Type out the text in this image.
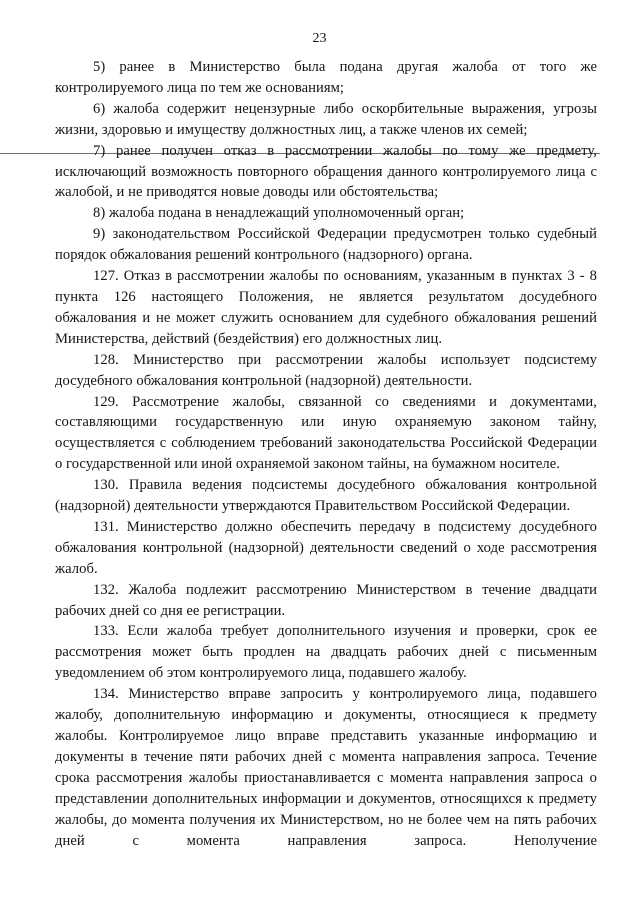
23

5) ранее в Министерство была подана другая жалоба от того же контролируемого лица по тем же основаниям;

6) жалоба содержит нецензурные либо оскорбительные выражения, угрозы жизни, здоровью и имуществу должностных лиц, а также членов их семей;

7) ранее получен отказ в рассмотрении жалобы по тому же предмету, исключающий возможность повторного обращения данного контролируемого лица с жалобой, и не приводятся новые доводы или обстоятельства;

8) жалоба подана в ненадлежащий уполномоченный орган;

9) законодательством Российской Федерации предусмотрен только судебный порядок обжалования решений контрольного (надзорного) органа.

127. Отказ в рассмотрении жалобы по основаниям, указанным в пунктах 3 - 8 пункта 126 настоящего Положения, не является результатом досудебного обжалования и не может служить основанием для судебного обжалования решений Министерства, действий (бездействия) его должностных лиц.

128. Министерство при рассмотрении жалобы использует подсистему досудебного обжалования контрольной (надзорной) деятельности.

129. Рассмотрение жалобы, связанной со сведениями и документами, составляющими государственную или иную охраняемую законом тайну, осуществляется с соблюдением требований законодательства Российской Федерации о государственной или иной охраняемой законом тайны, на бумажном носителе.

130. Правила ведения подсистемы досудебного обжалования контрольной (надзорной) деятельности утверждаются Правительством Российской Федерации.

131. Министерство должно обеспечить передачу в подсистему досудебного обжалования контрольной (надзорной) деятельности сведений о ходе рассмотрения жалоб.

132. Жалоба подлежит рассмотрению Министерством в течение двадцати рабочих дней со дня ее регистрации.

133. Если жалоба требует дополнительного изучения и проверки, срок ее рассмотрения может быть продлен на двадцать рабочих дней с письменным уведомлением об этом контролируемого лица, подавшего жалобу.

134. Министерство вправе запросить у контролируемого лица, подавшего жалобу, дополнительную информацию и документы, относящиеся к предмету жалобы. Контролируемое лицо вправе представить указанные информацию и документы в течение пяти рабочих дней с момента направления запроса. Течение срока рассмотрения жалобы приостанавливается с момента направления запроса о представлении дополнительных информации и документов, относящихся к предмету жалобы, до момента получения их Министерством, но не более чем на пять рабочих дней с момента направления запроса. Неполучение
